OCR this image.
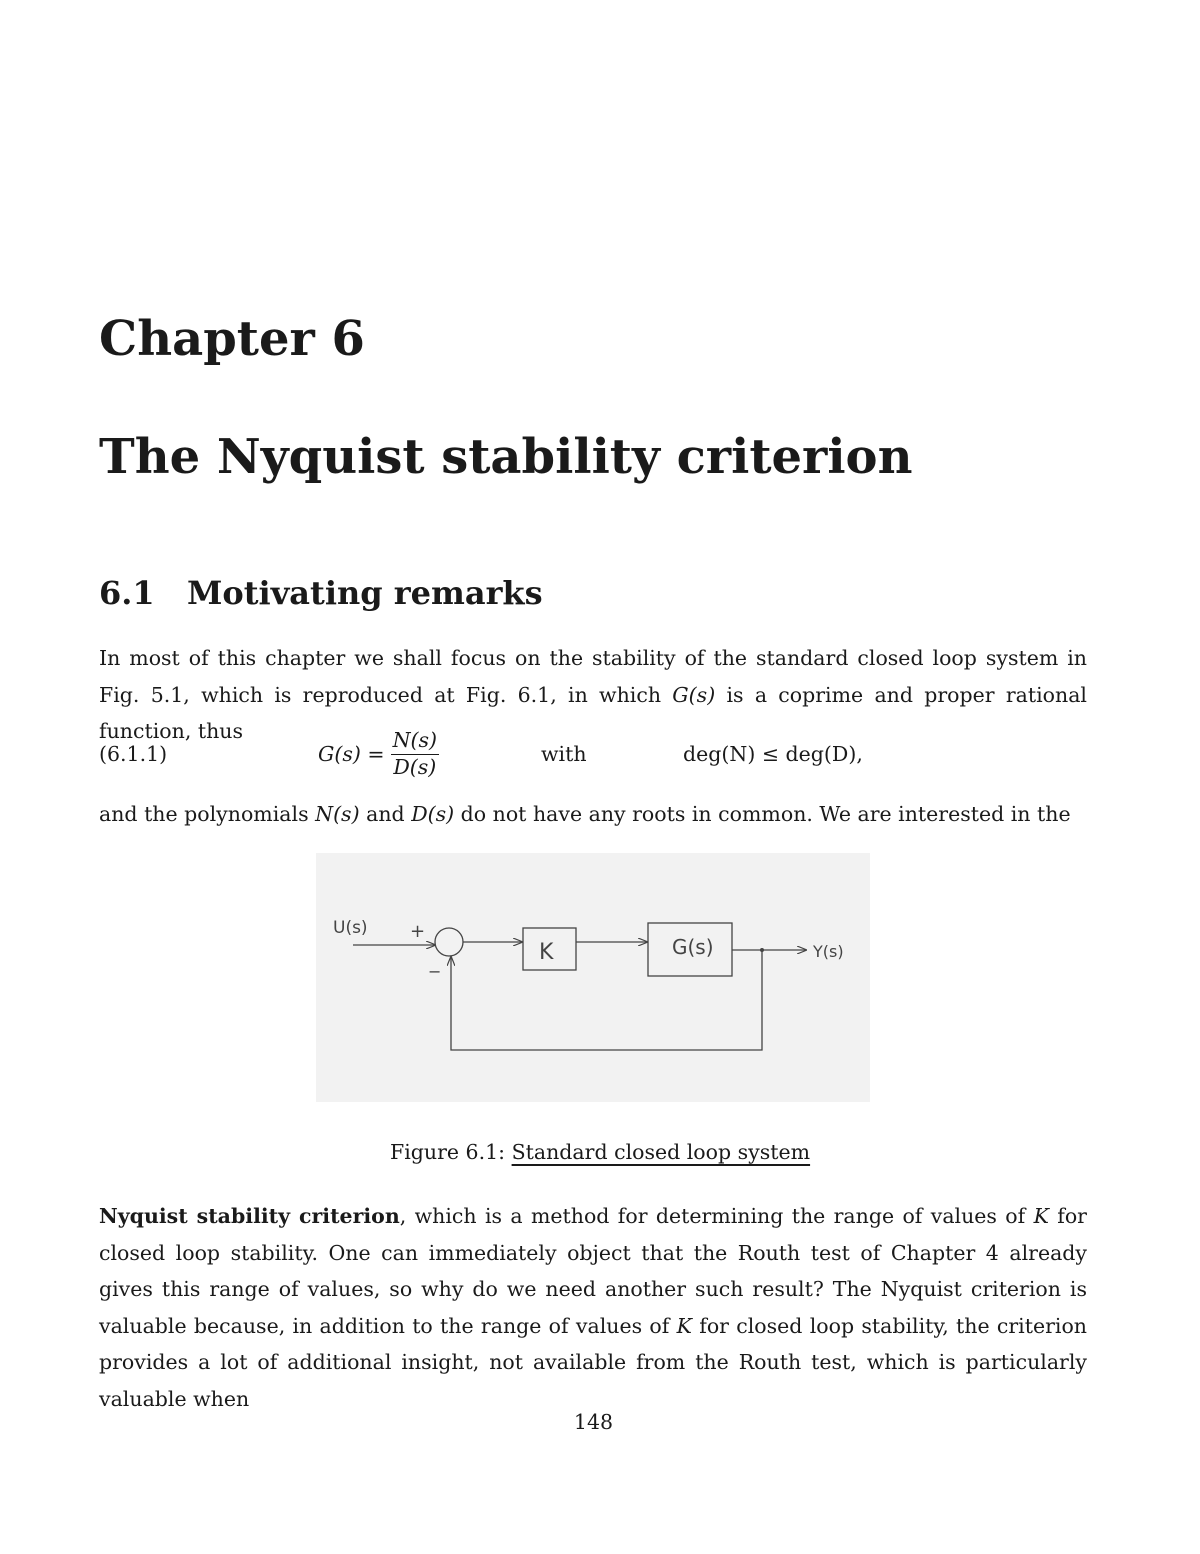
Chapter 6
The Nyquist stability criterion
6.1 Motivating remarks

In most of this chapter we shall focus on the stability of the standard closed loop system in Fig. 5.1, which is reproduced at Fig. 6.1, in which G(s) is a coprime and proper rational function, thus

(6.1.1)	$G(s) = \frac{N(s)}{D(s)}$	with	deg(N) ≤ deg(D),

and the polynomials N(s) and D(s) do not have any roots in common. We are interested in the

U(s) +
−
K	G(s)	Y(s)
Figure 6.1: Standard closed loop system

Nyquist stability criterion, which is a method for determining the range of values of K for closed loop stability. One can immediately object that the Routh test of Chapter 4 already gives this range of values, so why do we need another such result? The Nyquist criterion is valuable because, in addition to the range of values of K for closed loop stability, the criterion provides a lot of additional insight, not available from the Routh test, which is particularly valuable when

148
